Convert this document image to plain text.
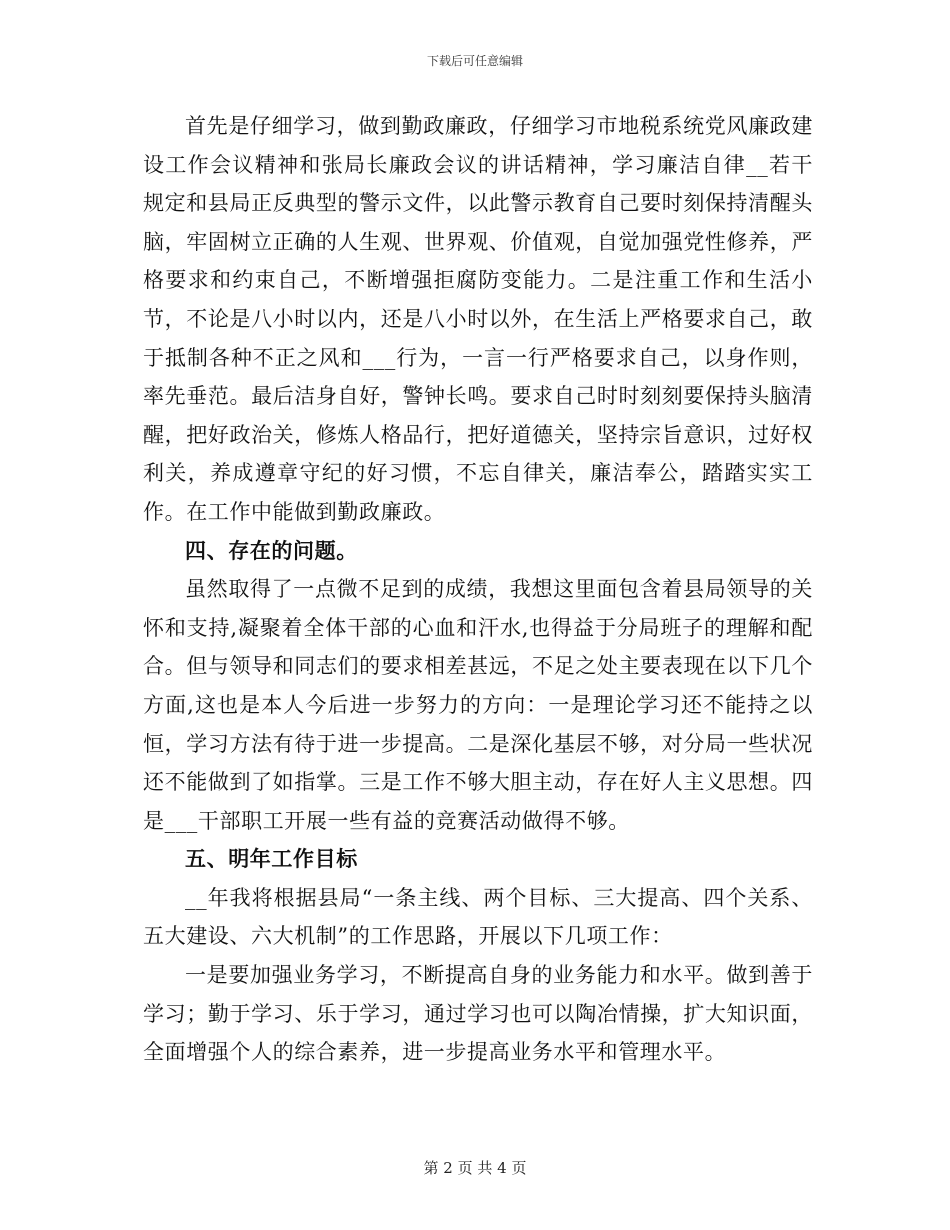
下载后可任意编辑

首先是仔细学习，做到勤政廉政，仔细学习市地税系统党风廉政建设工作会议精神和张局长廉政会议的讲话精神，学习廉洁自律__若干规定和县局正反典型的警示文件，以此警示教育自己要时刻保持清醒头脑，牢固树立正确的人生观、世界观、价值观，自觉加强党性修养，严格要求和约束自己，不断增强拒腐防变能力。二是注重工作和生活小节，不论是八小时以内，还是八小时以外，在生活上严格要求自己，敢于抵制各种不正之风和___行为，一言一行严格要求自己，以身作则，率先垂范。最后洁身自好，警钟长鸣。要求自己时时刻刻要保持头脑清醒，把好政治关，修炼人格品行，把好道德关，坚持宗旨意识，过好权利关，养成遵章守纪的好习惯，不忘自律关，廉洁奉公，踏踏实实工作。在工作中能做到勤政廉政。

四、存在的问题。

虽然取得了一点微不足到的成绩，我想这里面包含着县局领导的关怀和支持,凝聚着全体干部的心血和汗水,也得益于分局班子的理解和配合。但与领导和同志们的要求相差甚远，不足之处主要表现在以下几个方面,这也是本人今后进一步努力的方向：一是理论学习还不能持之以恒，学习方法有待于进一步提高。二是深化基层不够，对分局一些状况还不能做到了如指掌。三是工作不够大胆主动，存在好人主义思想。四是___干部职工开展一些有益的竞赛活动做得不够。

五、明年工作目标

__年我将根据县局“一条主线、两个目标、三大提高、四个关系、五大建设、六大机制”的工作思路，开展以下几项工作：

一是要加强业务学习，不断提高自身的业务能力和水平。做到善于学习；勤于学习、乐于学习，通过学习也可以陶冶情操，扩大知识面，全面增强个人的综合素养，进一步提高业务水平和管理水平。

第 2 页 共 4 页
